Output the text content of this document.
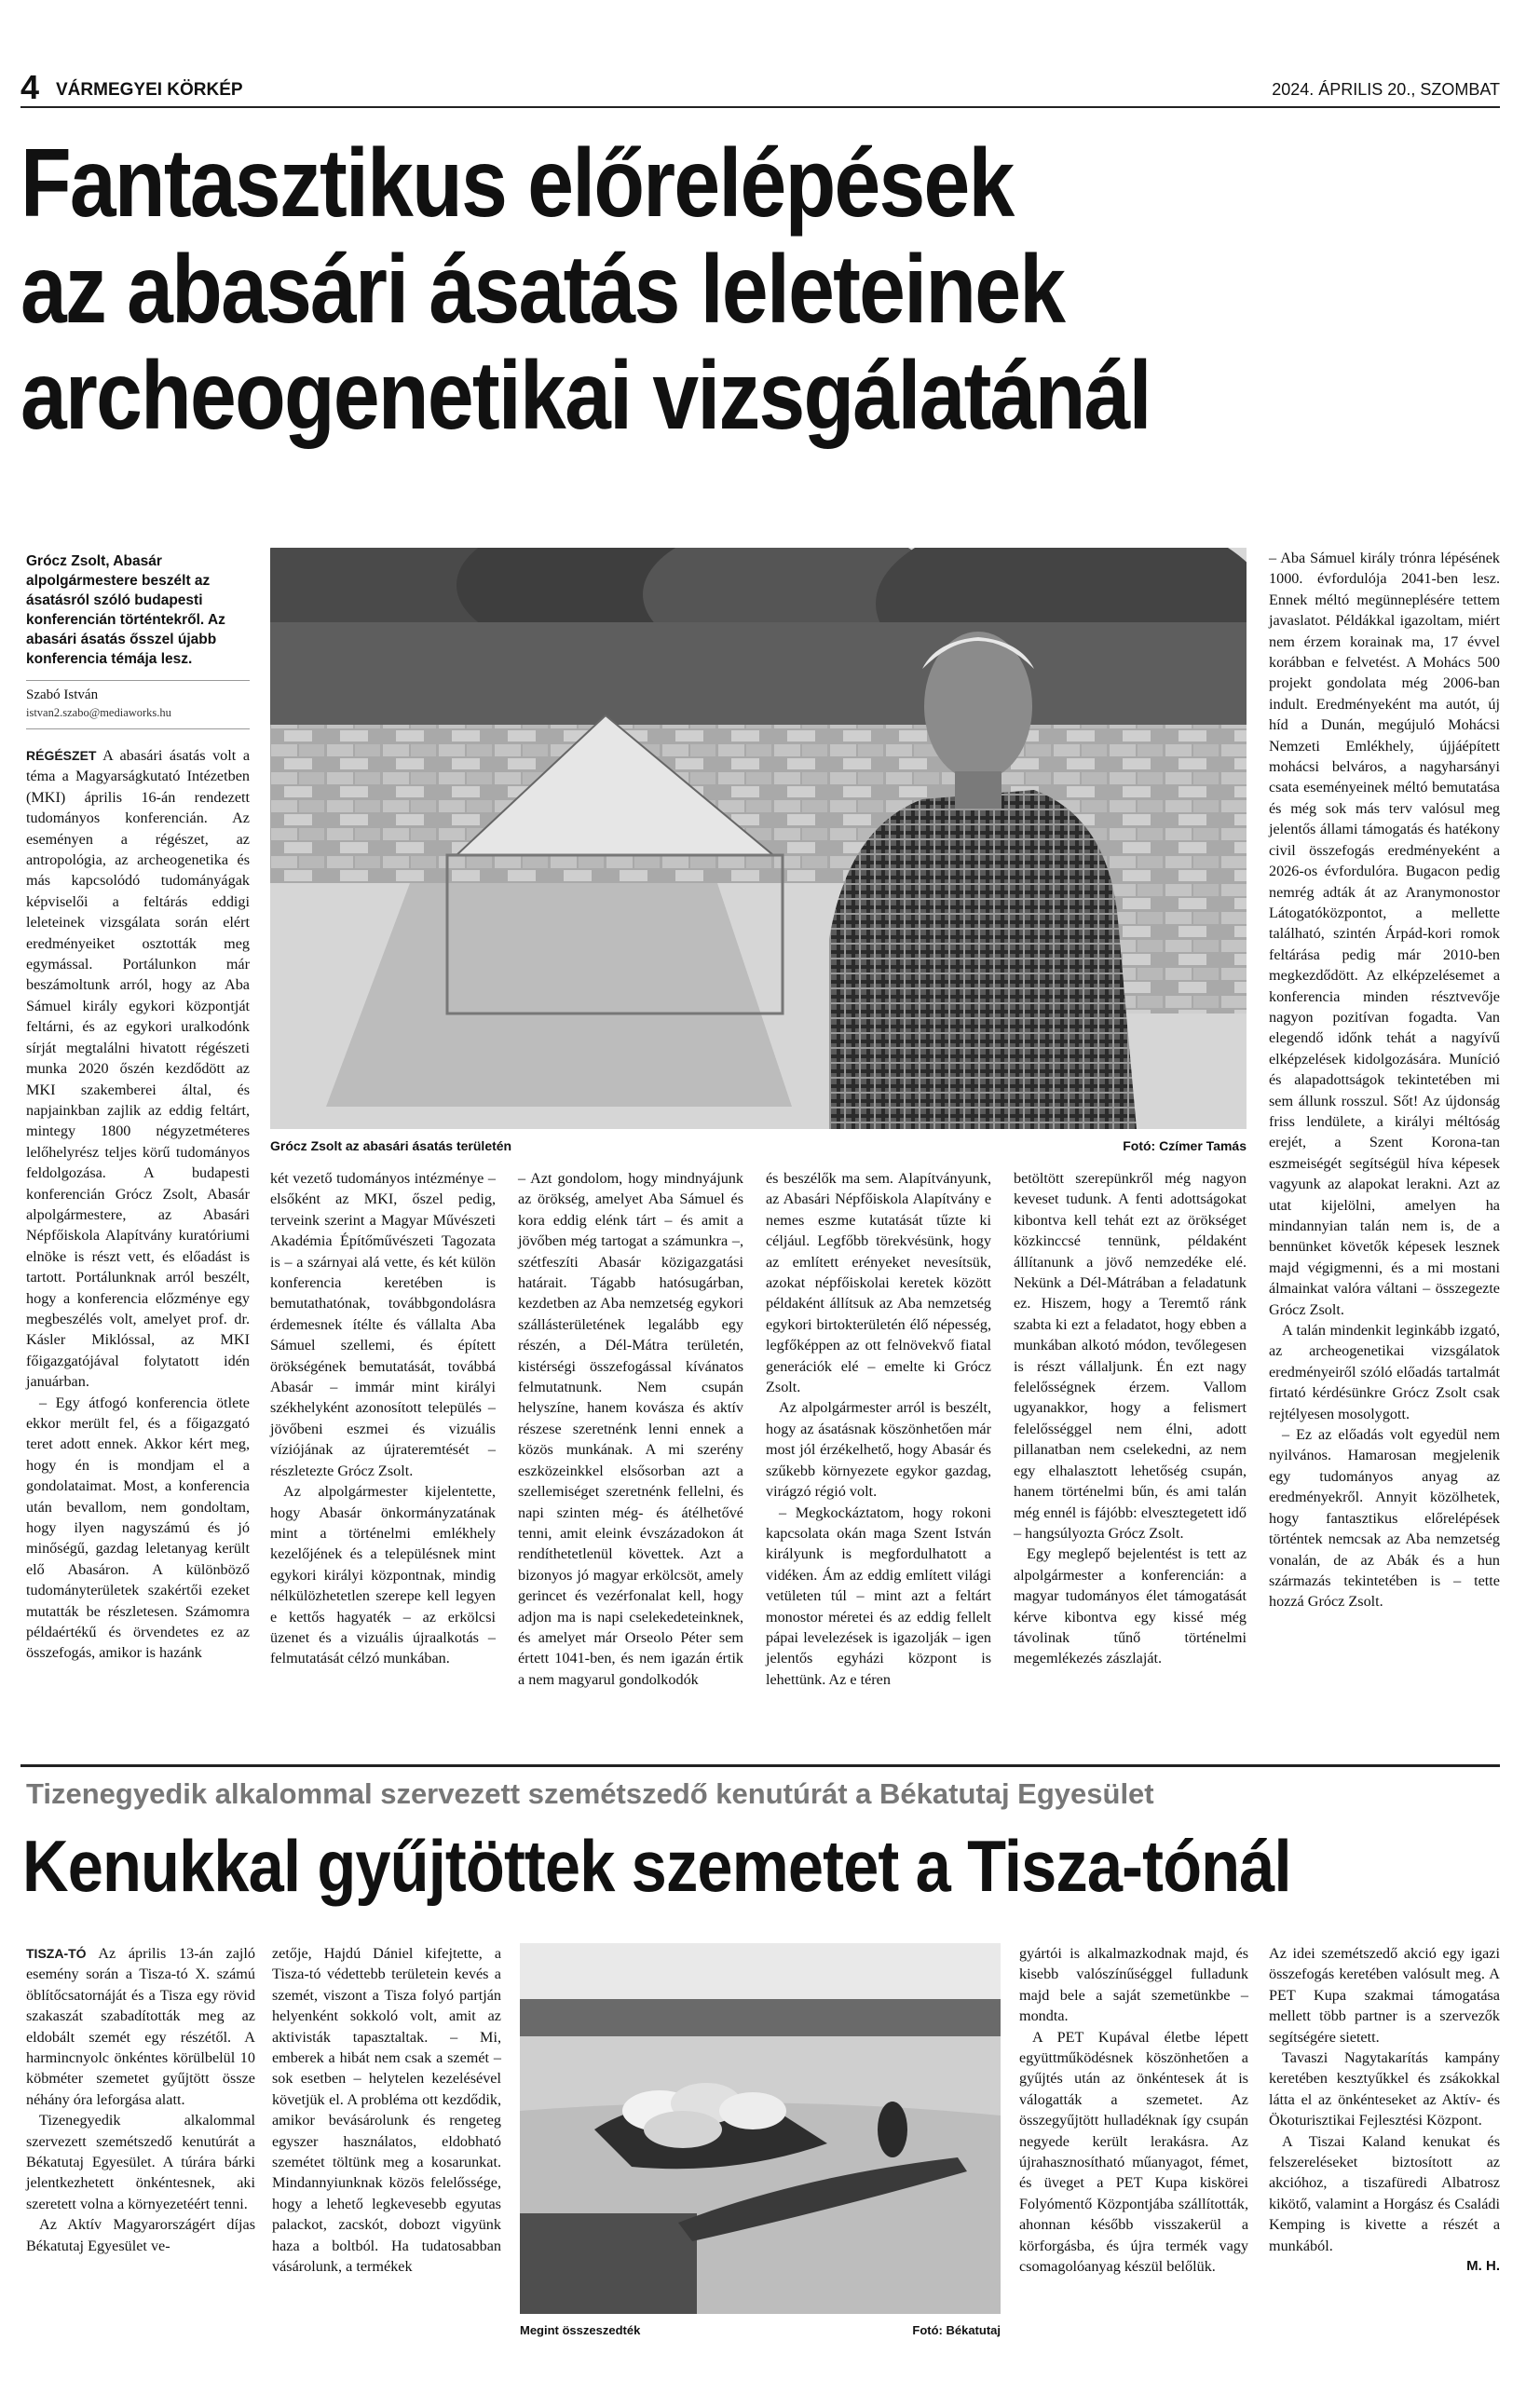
4 VÁRMEGYEI KÖRKÉP	2024. ÁPRILIS 20., SZOMBAT
Fantasztikus előrelépések
az abasári ásatás leleteinek
archeogenetikai vizsgálatánál
Grócz Zsolt, Abasár alpolgármestere beszélt az ásatásról szóló budapesti konferencián történtekről. Az abasári ásatás ősszel újabb konferencia témája lesz.
Szabó István
istvan2.szabo@mediaworks.hu
Grócz Zsolt az abasári ásatás területén	Fotó: Czímer Tamás

RÉGÉSZET A abasári ásatás volt a téma a Magyarságkutató Intézetben (MKI) április 16-án rendezett tudományos konferencián. Az eseményen a régészet, az antropológia, az archeogenetika és más kapcsolódó tudományágak képviselői a feltárás eddigi leleteinek vizsgálata során elért eredményeiket osztották meg egymással. Portálunkon már beszámoltunk arról, hogy az Aba Sámuel király egykori központját feltárni, és az egykori uralkodónk sírját megtalálni hivatott régészeti munka 2020 őszén kezdődött az MKI szakemberei által, és napjainkban zajlik az eddig feltárt, mintegy 1800 négyzetméteres lelőhelyrész teljes körű tudományos feldolgozása. A budapesti konferencián Grócz Zsolt, Abasár alpolgármestere, az Abasári Népfőiskola Alapítvány kuratóriumi elnöke is részt vett, és előadást is tartott. Portálunknak arról beszélt, hogy a konferencia előzménye egy megbeszélés volt, amelyet prof. dr. Kásler Miklóssal, az MKI főigazgatójával folytatott idén januárban.

– Egy átfogó konferencia ötlete ekkor merült fel, és a főigazgató teret adott ennek. Akkor kért meg, hogy én is mondjam el a gondolataimat. Most, a konferencia után bevallom, nem gondoltam, hogy ilyen nagyszámú és jó minőségű, gazdag leletanyag került elő Abasáron. A különböző tudományterületek szakértői ezeket mutatták be részletesen. Számomra példaértékű és örvendetes ez az összefogás, amikor is hazánk

két vezető tudományos intézménye – elsőként az MKI, őszel pedig, terveink szerint a Magyar Művészeti Akadémia Építőművészeti Tagozata is – a szárnyai alá vette, és két külön konferencia keretében is bemutathatónak, továbbgondolásra érdemesnek ítélte és vállalta Aba Sámuel szellemi, és épített örökségének bemutatását, továbbá Abasár – immár mint királyi székhelyként azonosított település – jövőbeni eszmei és vizuális víziójának az újrateremtését – részletezte Grócz Zsolt.

Az alpolgármester kijelentette, hogy Abasár önkormányzatának mint a történelmi emlékhely kezelőjének és a településnek mint egykori királyi központnak, mindig nélkülözhetetlen szerepe kell legyen e kettős hagyaték – az erkölcsi üzenet és a vizuális újraalkotás – felmutatását célzó munkában.

– Azt gondolom, hogy mindnyájunk az örökség, amelyet Aba Sámuel és kora eddig elénk tárt – és amit a jövőben még tartogat a számunkra –, szétfeszíti Abasár közigazgatási határait. Tágabb hatósugárban, kezdetben az Aba nemzetség egykori szállásterületének legalább egy részén, a Dél-Mátra területén, kistérségi összefogással kívánatos felmutatnunk. Nem csupán helyszíne, hanem kovásza és aktív részese szeretnénk lenni ennek a közös munkának. A mi szerény eszközeinkkel elsősorban azt a szellemiséget szeretnénk fellelni, és napi szinten még- és átélhetővé tenni, amit eleink évszázadokon át rendíthetetlenül követtek. Azt a bizonyos jó magyar erkölcsöt, amely gerincet és vezérfonalat kell, hogy adjon ma is napi cselekedeteinknek, és amelyet már Orseolo Péter sem értett 1041-ben, és nem igazán értik a nem magyarul gondolkodók

és beszélők ma sem. Alapítványunk, az Abasári Népfőiskola Alapítvány e nemes eszme kutatását tűzte ki céljául. Legfőbb törekvésünk, hogy az említett erényeket nevesítsük, azokat népfőiskolai keretek között példaként állítsuk az Aba nemzetség egykori birtokterületén élő népesség, legfőképpen az ott felnövekvő fiatal generációk elé – emelte ki Grócz Zsolt.

Az alpolgármester arról is beszélt, hogy az ásatásnak köszönhetően már most jól érzékelhető, hogy Abasár és szűkebb környezete egykor gazdag, virágzó régió volt.

– Megkockáztatom, hogy rokoni kapcsolata okán maga Szent István királyunk is megfordulhatott a vidéken. Ám az eddig említett világi vetületen túl – mint azt a feltárt monostor méretei és az eddig fellelt pápai levelezések is igazolják – igen jelentős egyházi központ is lehettünk. Az e téren

betöltött szerepünkről még nagyon keveset tudunk. A fenti adottságokat kibontva kell tehát ezt az örökséget közkinccsé tennünk, példaként állítanunk a jövő nemzedéke elé. Nekünk a Dél-Mátrában a feladatunk ez. Hiszem, hogy a Teremtő ránk szabta ki ezt a feladatot, hogy ebben a munkában alkotó módon, tevőlegesen is részt vállaljunk. Én ezt nagy felelősségnek érzem. Vallom ugyanakkor, hogy a felismert felelősséggel nem élni, adott pillanatban nem cselekedni, az nem egy elhalasztott lehetőség csupán, hanem történelmi bűn, és ami talán még ennél is fájóbb: elvesztegetett idő – hangsúlyozta Grócz Zsolt.

Egy meglepő bejelentést is tett az alpolgármester a konferencián: a magyar tudományos élet támogatását kérve kibontva egy kissé még távolinak tűnő történelmi megemlékezés zászlaját.

– Aba Sámuel király trónra lépésének 1000. évfordulója 2041-ben lesz. Ennek méltó megünneplésére tettem javaslatot. Példákkal igazoltam, miért nem érzem korainak ma, 17 évvel korábban e felvetést. A Mohács 500 projekt gondolata még 2006-ban indult. Eredményeként ma autót, új híd a Dunán, megújuló Mohácsi Nemzeti Emlékhely, újjáépített mohácsi belváros, a nagyharsányi csata eseményeinek méltó bemutatása és még sok más terv valósul meg jelentős állami támogatás és hatékony civil összefogás eredményeként a 2026-os évfordulóra. Bugacon pedig nemrég adták át az Aranymonostor Látogatóközpontot, a mellette található, szintén Árpád-kori romok feltárása pedig már 2010-ben megkezdődött. Az elképzelésemet a konferencia minden résztvevője nagyon pozitívan fogadta. Van elegendő időnk tehát a nagyívű elképzelések kidolgozására. Muníció és alapadottságok tekintetében mi sem állunk rosszul. Sőt! Az újdonság friss lendülete, a királyi méltóság erejét, a Szent Korona-tan eszmeiségét segítségül híva képesek vagyunk az alapokat lerakni. Azt az utat kijelölni, amelyen ha mindannyian talán nem is, de a bennünket követők képesek lesznek majd végigmenni, és a mi mostani álmainkat valóra váltani – összegezte Grócz Zsolt.

A talán mindenkit leginkább izgató, az archeogenetikai vizsgálatok eredményeiről szóló előadás tartalmát firtató kérdésünkre Grócz Zsolt csak rejtélyesen mosolygott.

– Ez az előadás volt egyedül nem nyilvános. Hamarosan megjelenik egy tudományos anyag az eredményekről. Annyit közölhetek, hogy fantasztikus előrelépések történtek nemcsak az Aba nemzetség vonalán, de az Abák és a hun származás tekintetében is – tette hozzá Grócz Zsolt.

Tizenegyedik alkalommal szervezett szemétszedő kenutúrát a Békatutaj Egyesület
Kenukkal gyűjtöttek szemetet a Tisza-tónál
Megint összeszedték	Fotó: Békatutaj

TISZA-TÓ Az április 13-án zajló esemény során a Tisza-tó X. számú öblítőcsatornáját és a Tisza egy rövid szakaszát szabadították meg az eldobált szemét egy részétől. A harmincnyolc önkéntes körülbelül 10 köbméter szemetet gyűjtött össze néhány óra leforgása alatt.

Tizenegyedik alkalommal szervezett szemétszedő kenutúrát a Békatutaj Egyesület. A túrára bárki jelentkezhetett önkéntesnek, aki szeretett volna a környezetéért tenni.

Az Aktív Magyarországért díjas Békatutaj Egyesület ve-

zetője, Hajdú Dániel kifejtette, a Tisza-tó védettebb területein kevés a szemét, viszont a Tisza folyó partján helyenként sokkoló volt, amit az aktivisták tapasztaltak. – Mi, emberek a hibát nem csak a szemét – sok esetben – helytelen kezelésével követjük el. A probléma ott kezdődik, amikor bevásárolunk és rengeteg egyszer használatos, eldobható szemétet töltünk meg a kosarunkat. Mindannyiunknak közös felelőssége, hogy a lehető legkevesebb egyutas palackot, zacskót, dobozt vigyünk haza a boltból. Ha tudatosabban vásárolunk, a termékek

gyártói is alkalmazkodnak majd, és kisebb valószínűséggel fulladunk majd bele a saját szemetünkbe – mondta.

A PET Kupával életbe lépett együttműködésnek köszönhetően a gyűjtés után az önkéntesek át is válogatták a szemetet. Az összegyűjtött hulladéknak így csupán negyede került lerakásra. Az újrahasznosítható műanyagot, fémet, és üveget a PET Kupa kiskörei Folyómentő Központjába szállították, ahonnan később visszakerül a körforgásba, és újra termék vagy csomagolóanyag készül belőlük.

Az idei szemétszedő akció egy igazi összefogás keretében valósult meg. A PET Kupa szakmai támogatása mellett több partner is a szervezők segítségére sietett.

Tavaszi Nagytakarítás kampány keretében kesztyűkkel és zsákokkal látta el az önkénteseket az Aktív- és Ökoturisztikai Fejlesztési Központ.

A Tiszai Kaland kenukat és felszereléseket biztosított az akcióhoz, a tiszafüredi Albatrosz kikötő, valamint a Horgász és Családi Kemping is kivette a részét a munkából.

M. H.
